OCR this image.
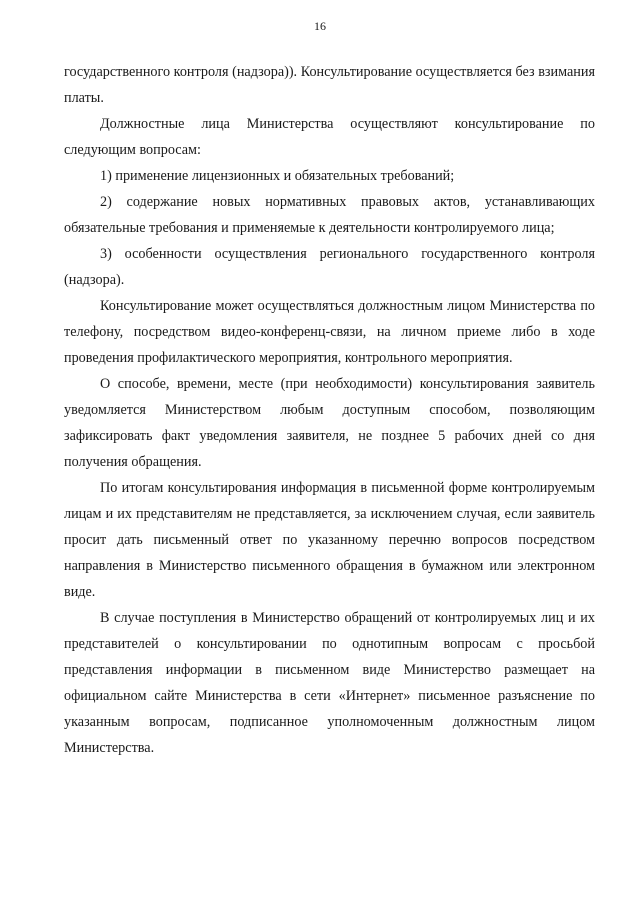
16

государственного контроля (надзора)). Консультирование осуществляется без взимания платы.

Должностные лица Министерства осуществляют консультирование по следующим вопросам:

1) применение лицензионных и обязательных требований;

2) содержание новых нормативных правовых актов, устанавливающих обязательные требования и применяемые к деятельности контролируемого лица;

3) особенности осуществления регионального государственного контроля (надзора).

Консультирование может осуществляться должностным лицом Министерства по телефону, посредством видео-конференц-связи, на личном приеме либо в ходе проведения профилактического мероприятия, контрольного мероприятия.

О способе, времени, месте (при необходимости) консультирования заявитель уведомляется Министерством любым доступным способом, позволяющим зафиксировать факт уведомления заявителя, не позднее 5 рабочих дней со дня получения обращения.

По итогам консультирования информация в письменной форме контролируемым лицам и их представителям не представляется, за исключением случая, если заявитель просит дать письменный ответ по указанному перечню вопросов посредством направления в Министерство письменного обращения в бумажном или электронном виде.

В случае поступления в Министерство обращений от контролируемых лиц и их представителей о консультировании по однотипным вопросам с просьбой представления информации в письменном виде Министерство размещает на официальном сайте Министерства в сети «Интернет» письменное разъяснение по указанным вопросам, подписанное уполномоченным должностным лицом Министерства.
